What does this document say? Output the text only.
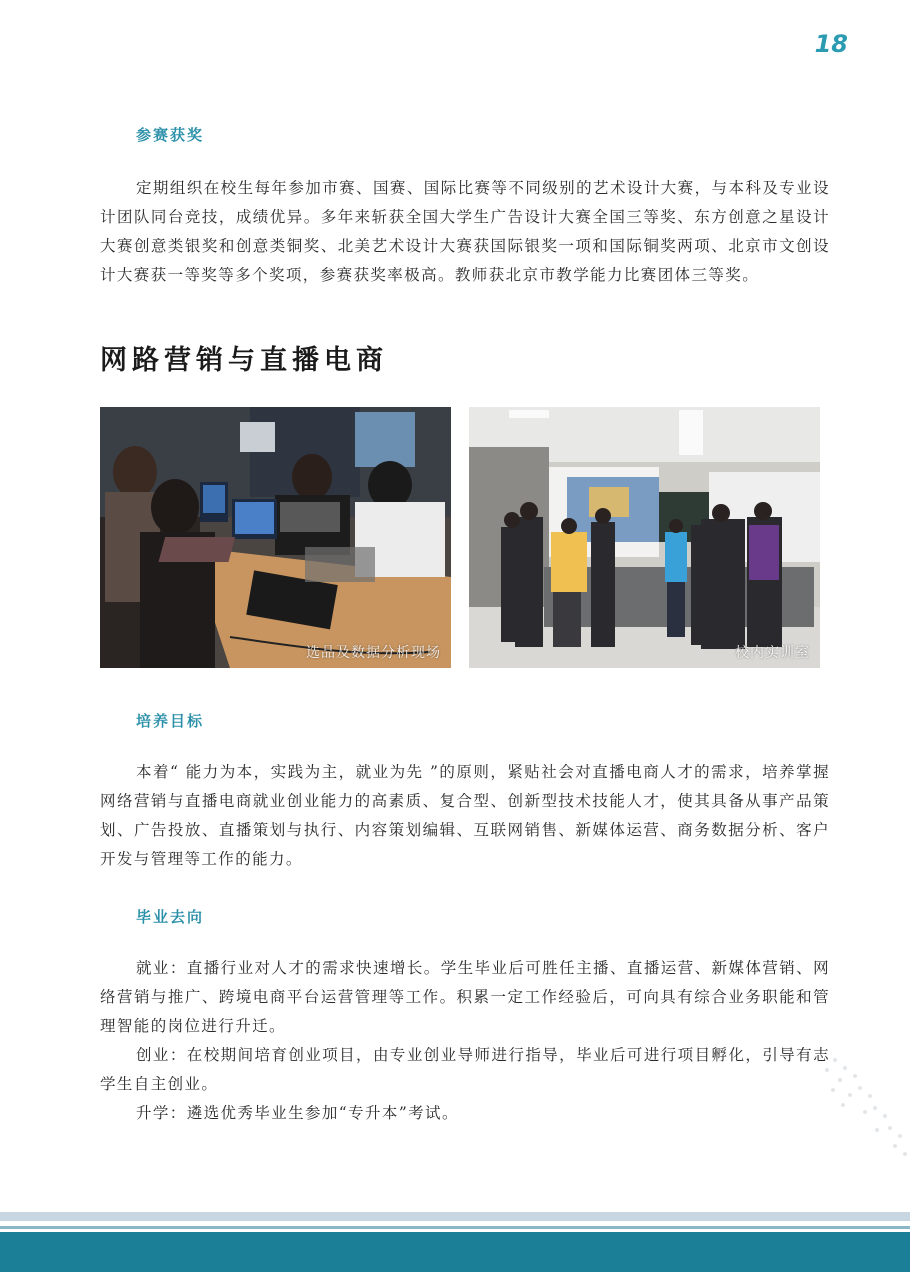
18
参赛获奖

定期组织在校生每年参加市赛、国赛、国际比赛等不同级别的艺术设计大赛，与本科及专业设计团队同台竞技，成绩优异。多年来斩获全国大学生广告设计大赛全国三等奖、东方创意之星设计大赛创意类银奖和创意类铜奖、北美艺术设计大赛获国际银奖一项和国际铜奖两项、北京市文创设计大赛获一等奖等多个奖项，参赛获奖率极高。教师获北京市教学能力比赛团体三等奖。

网路营销与直播电商
选品及数据分析现场	校内实训室
培养目标

本着“ 能力为本，实践为主，就业为先 ”的原则，紧贴社会对直播电商人才的需求，培养掌握网络营销与直播电商就业创业能力的高素质、复合型、创新型技术技能人才，使其具备从事产品策划、广告投放、直播策划与执行、内容策划编辑、互联网销售、新媒体运营、商务数据分析、客户开发与管理等工作的能力。

毕业去向

就业：直播行业对人才的需求快速增长。学生毕业后可胜任主播、直播运营、新媒体营销、网络营销与推广、跨境电商平台运营管理等工作。积累一定工作经验后，可向具有综合业务职能和管理智能的岗位进行升迁。

创业：在校期间培育创业项目，由专业创业导师进行指导，毕业后可进行项目孵化，引导有志学生自主创业。

升学：遴选优秀毕业生参加“专升本”考试。
